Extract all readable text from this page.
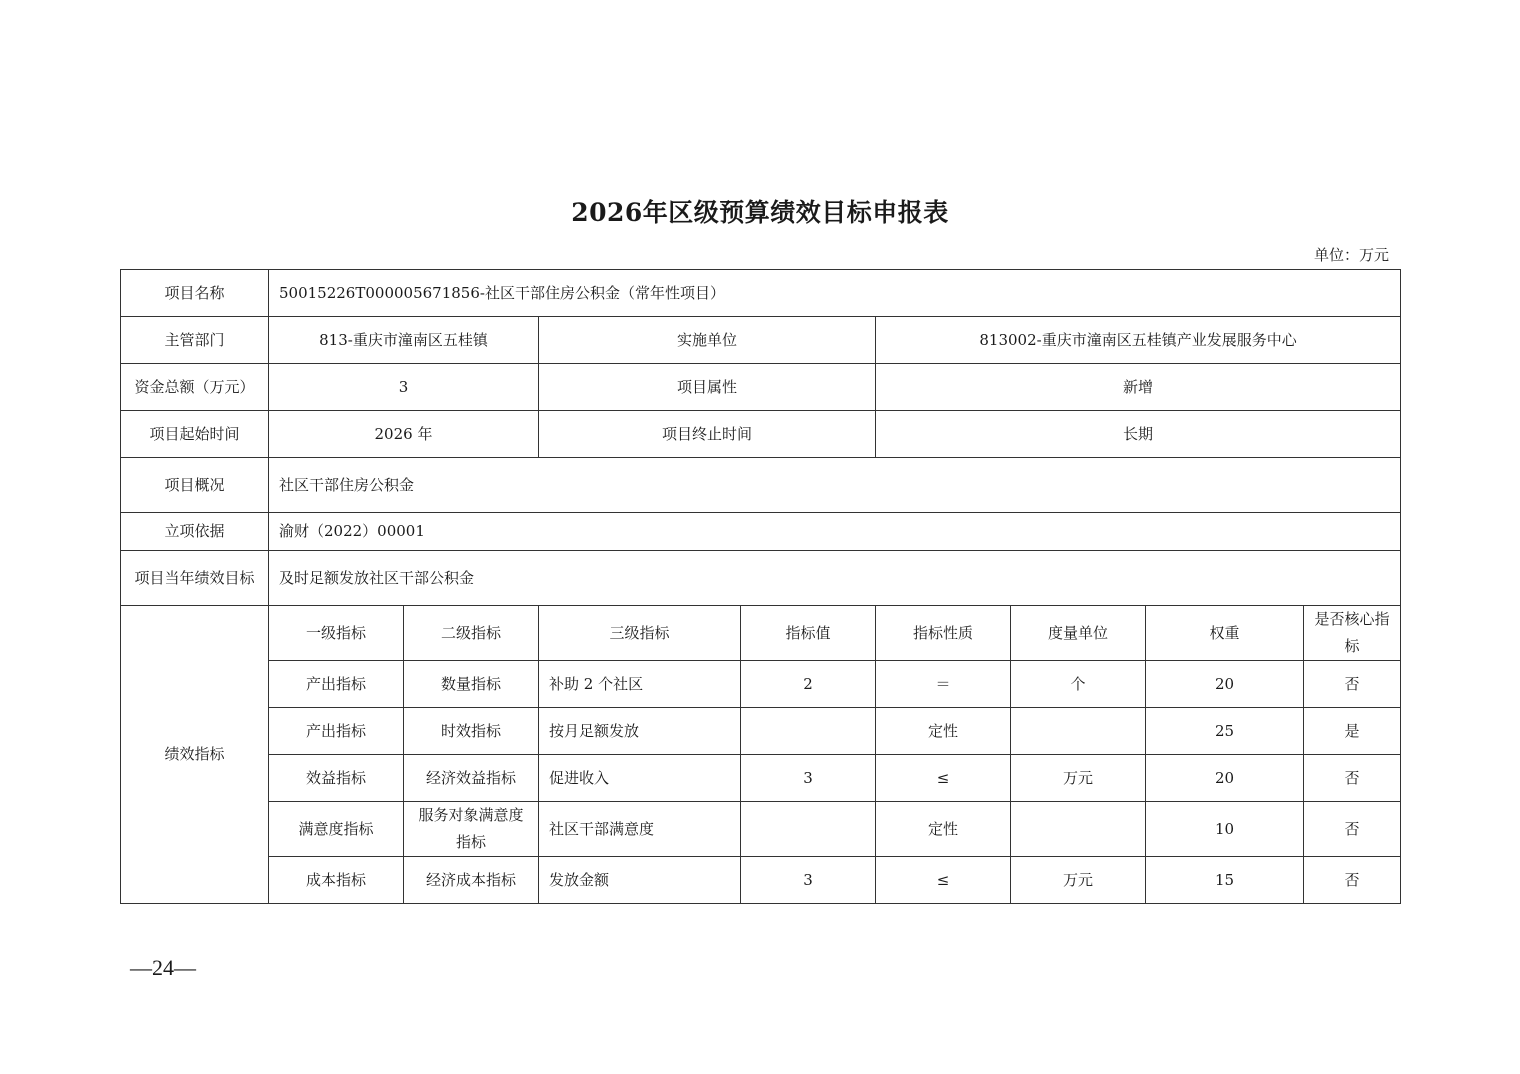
2026年区级预算绩效目标申报表
单位：万元
项目名称	50015226T000005671856-社区干部住房公积金（常年性项目）							
主管部门	813-重庆市潼南区五桂镇		实施单位		813002-重庆市潼南区五桂镇产业发展服务中心			
资金总额（万元）	3		项目属性		新增			
项目起始时间	2026 年		项目终止时间		长期			
项目概况	社区干部住房公积金							
立项依据	渝财（2022）00001							
项目当年绩效目标	及时足额发放社区干部公积金							
绩效指标	一级指标	二级指标	三级指标	指标值	指标性质	度量单位	权重	是否核心指标
	产出指标	数量指标	补助 2 个社区	2	＝	个	20	否
	产出指标	时效指标	按月足额发放		定性		25	是
	效益指标	经济效益指标	促进收入	3	≤	万元	20	否
	满意度指标	服务对象满意度指标	社区干部满意度		定性		10	否
	成本指标	经济成本指标	发放金额	3	≤	万元	15	否
—24—
